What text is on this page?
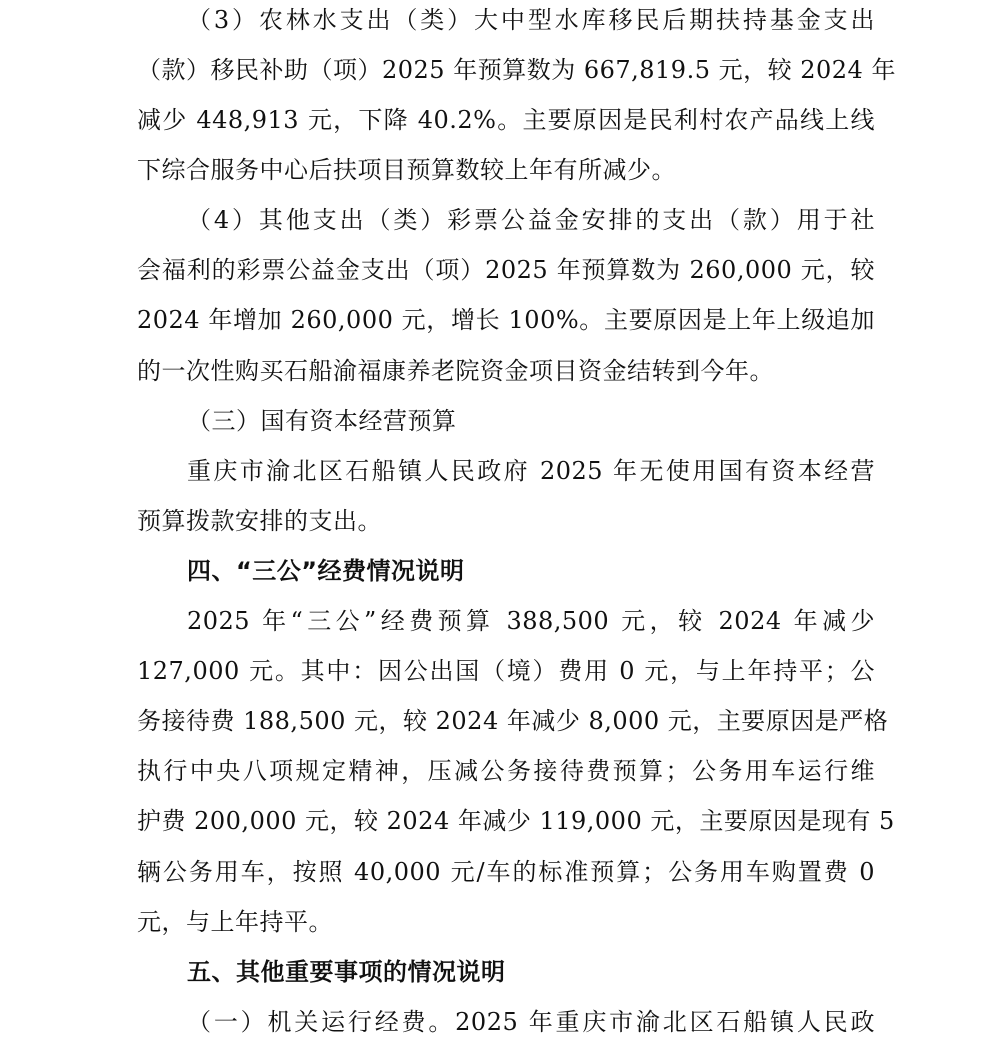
（3）农林水支出（类）大中型水库移民后期扶持基金支出
（款）移民补助（项）2025 年预算数为 667,819.5 元，较 2024 年
减少 448,913 元，下降 40.2%。主要原因是民利村农产品线上线
下综合服务中心后扶项目预算数较上年有所减少。
（4）其他支出（类）彩票公益金安排的支出（款）用于社
会福利的彩票公益金支出（项）2025 年预算数为 260,000 元，较
2024 年增加 260,000 元，增长 100%。主要原因是上年上级追加
的一次性购买石船渝福康养老院资金项目资金结转到今年。
（三）国有资本经营预算
重庆市渝北区石船镇人民政府 2025 年无使用国有资本经营
预算拨款安排的支出。
四、“三公”经费情况说明
2025 年“三公”经费预算 388,500 元，较 2024 年减少
127,000 元。其中：因公出国（境）费用 0 元，与上年持平；公
务接待费 188,500 元，较 2024 年减少 8,000 元，主要原因是严格
执行中央八项规定精神，压减公务接待费预算；公务用车运行维
护费 200,000 元，较 2024 年减少 119,000 元，主要原因是现有 5
辆公务用车，按照 40,000 元/车的标准预算；公务用车购置费 0
元，与上年持平。
五、其他重要事项的情况说明
（一）机关运行经费。2025 年重庆市渝北区石船镇人民政
